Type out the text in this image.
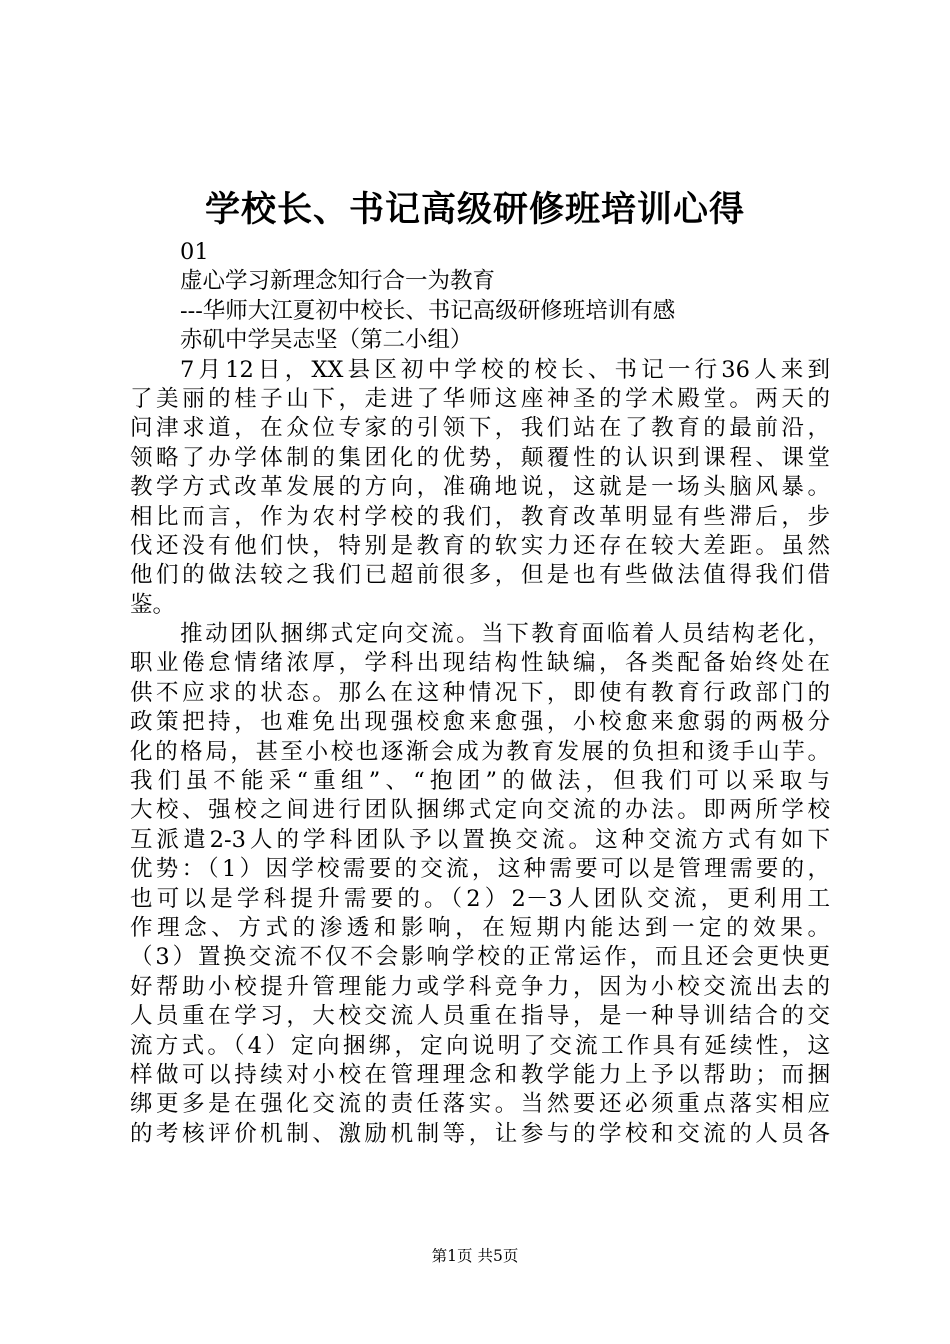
学校长、书记高级研修班培训心得
01
虚心学习新理念知行合一为教育
---华师大江夏初中校长、书记高级研修班培训有感
赤矶中学吴志坚（第二小组）
7月12日，XX县区初中学校的校长、书记一行36人来到
了美丽的桂子山下，走进了华师这座神圣的学术殿堂。两天的
问津求道，在众位专家的引领下，我们站在了教育的最前沿，
领略了办学体制的集团化的优势，颠覆性的认识到课程、课堂
教学方式改革发展的方向，准确地说，这就是一场头脑风暴。
相比而言，作为农村学校的我们，教育改革明显有些滞后，步
伐还没有他们快，特别是教育的软实力还存在较大差距。虽然
他们的做法较之我们已超前很多，但是也有些做法值得我们借
鉴。
推动团队捆绑式定向交流。当下教育面临着人员结构老化，
职业倦怠情绪浓厚，学科出现结构性缺编，各类配备始终处在
供不应求的状态。那么在这种情况下，即使有教育行政部门的
政策把持，也难免出现强校愈来愈强，小校愈来愈弱的两极分
化的格局，甚至小校也逐渐会成为教育发展的负担和烫手山芋。
我们虽不能采“重组”、“抱团”的做法，但我们可以采取与
大校、强校之间进行团队捆绑式定向交流的办法。即两所学校
互派遣2-3人的学科团队予以置换交流。这种交流方式有如下
优势：（1）因学校需要的交流，这种需要可以是管理需要的，
也可以是学科提升需要的。（2）2－3人团队交流，更利用工
作理念、方式的渗透和影响，在短期内能达到一定的效果。
（3）置换交流不仅不会影响学校的正常运作，而且还会更快更
好帮助小校提升管理能力或学科竞争力，因为小校交流出去的
人员重在学习，大校交流人员重在指导，是一种导训结合的交
流方式。（4）定向捆绑，定向说明了交流工作具有延续性，这
样做可以持续对小校在管理理念和教学能力上予以帮助；而捆
绑更多是在强化交流的责任落实。当然要还必须重点落实相应
的考核评价机制、激励机制等，让参与的学校和交流的人员各
第1页 共5页
